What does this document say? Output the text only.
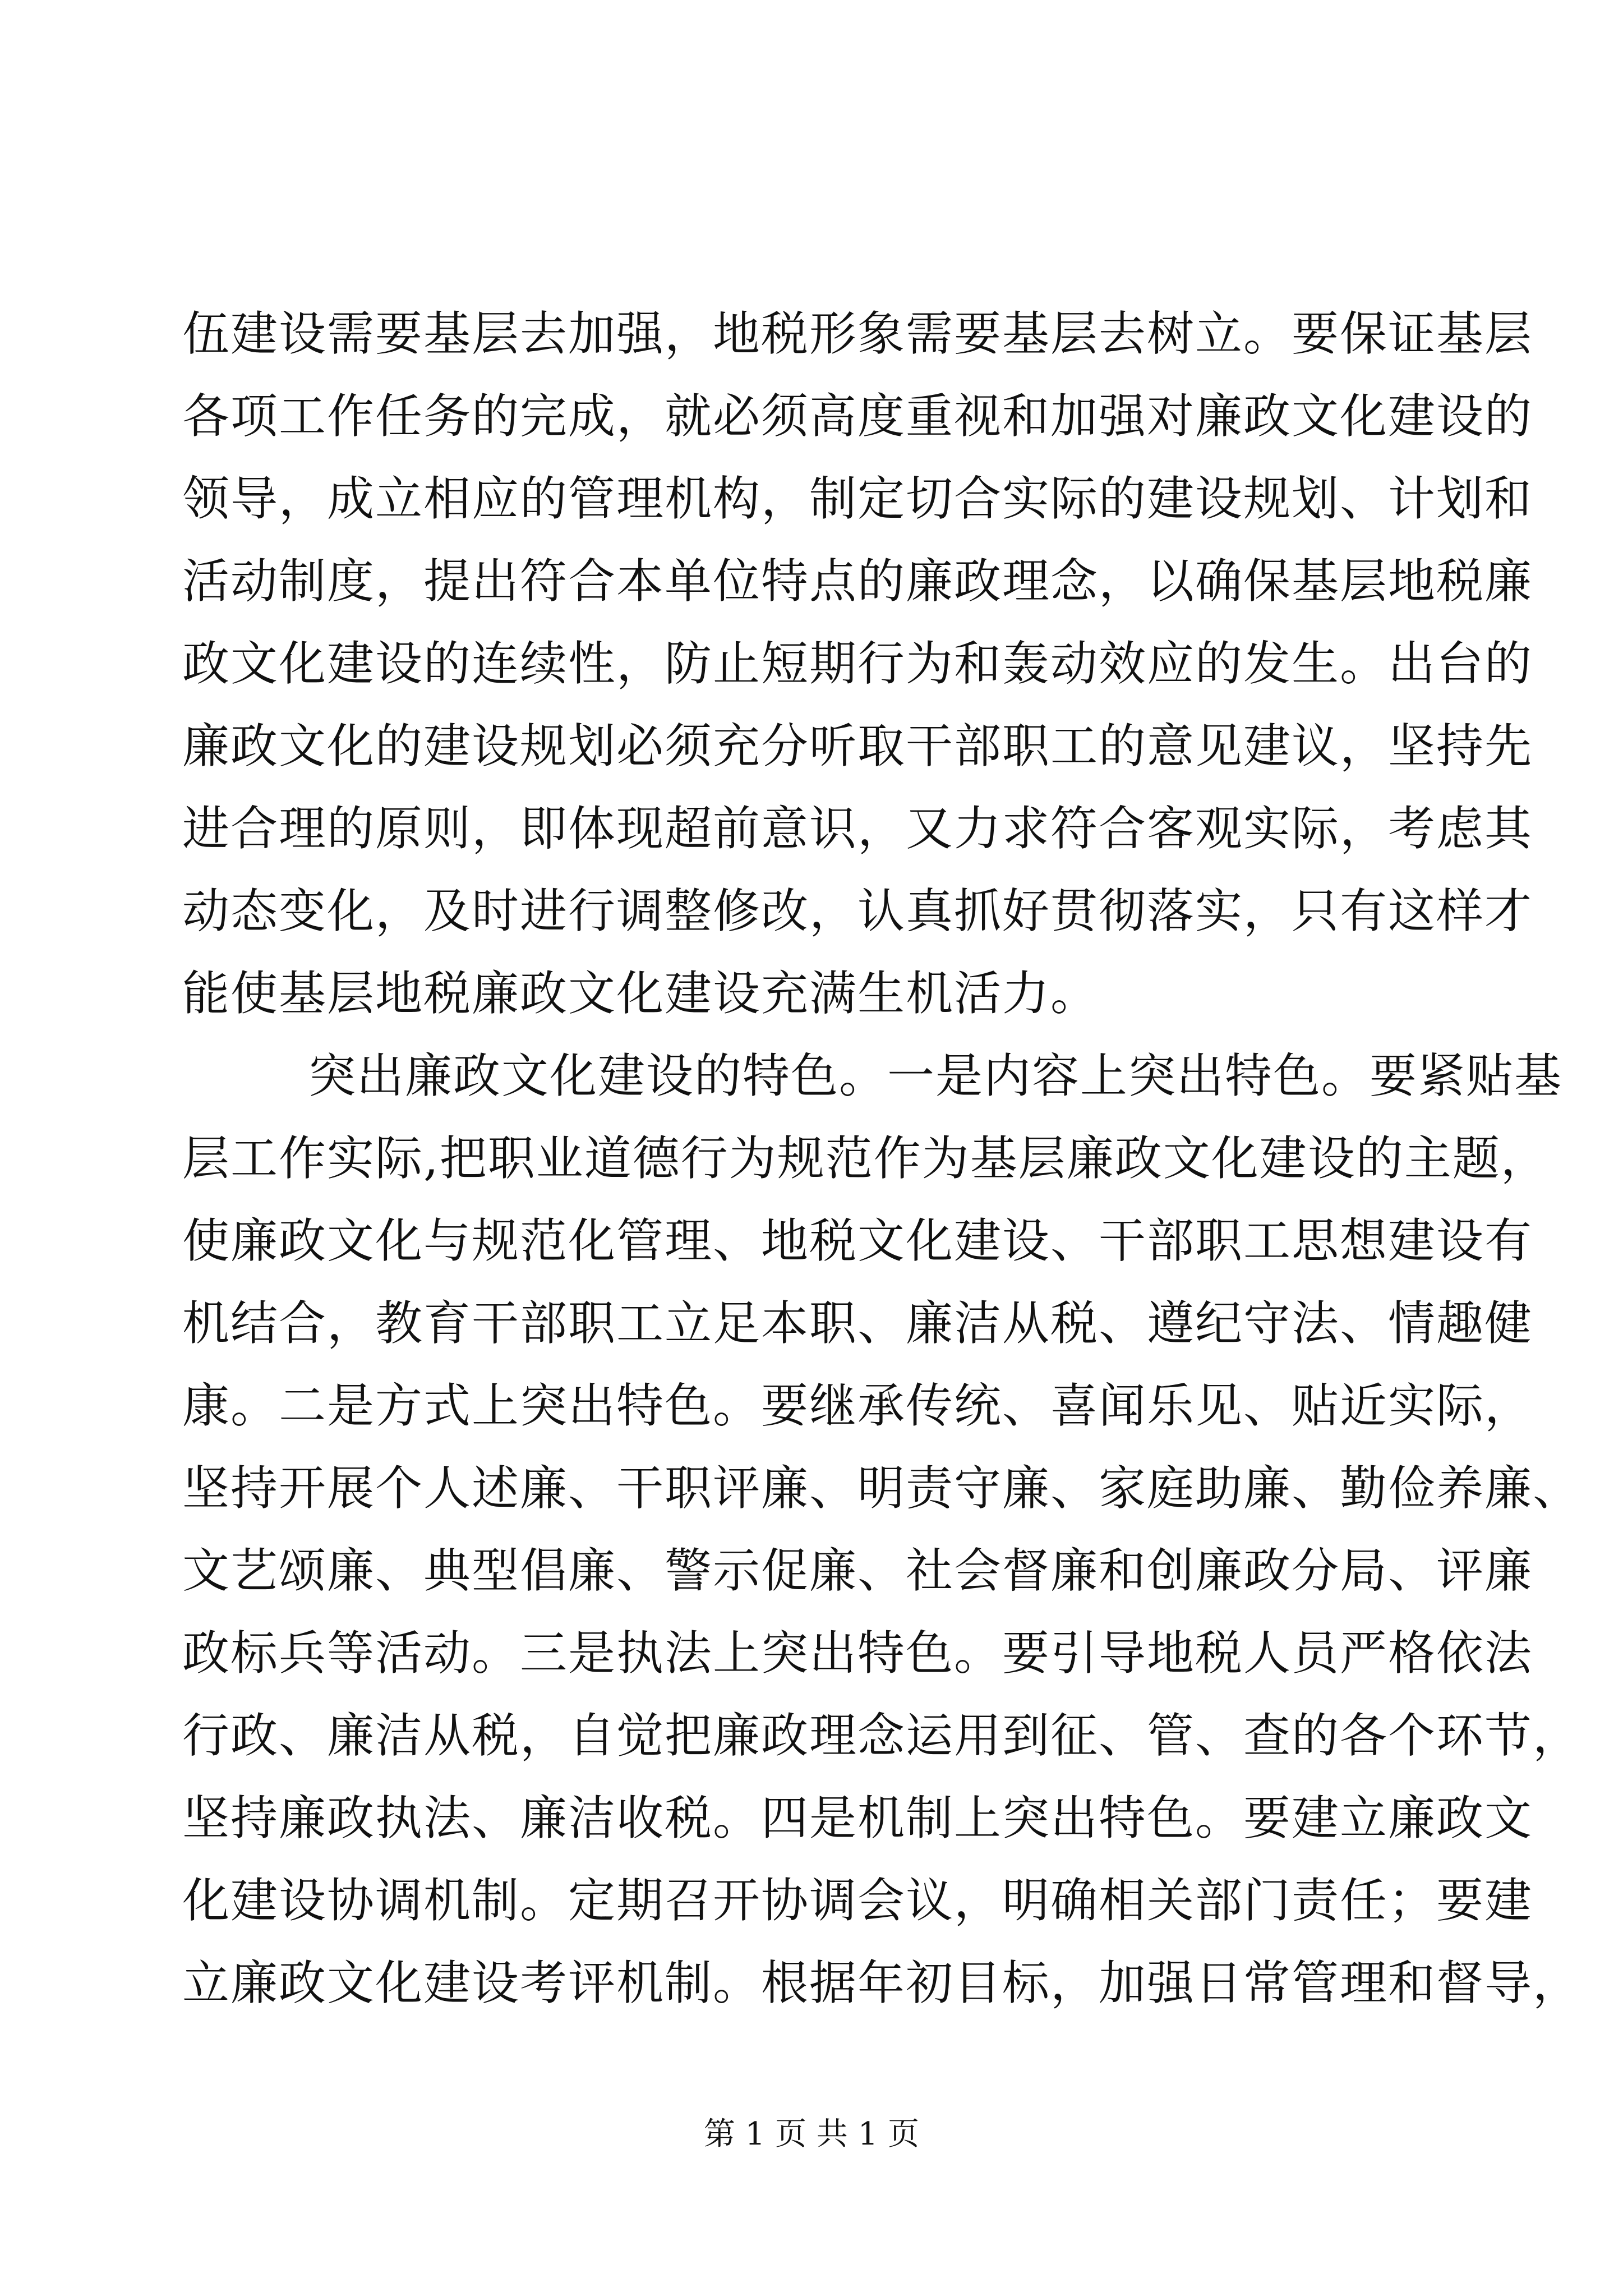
伍建设需要基层去加强，地税形象需要基层去树立。要保证基层
各项工作任务的完成，就必须高度重视和加强对廉政文化建设的
领导，成立相应的管理机构，制定切合实际的建设规划、计划和
活动制度，提出符合本单位特点的廉政理念，以确保基层地税廉
政文化建设的连续性，防止短期行为和轰动效应的发生。出台的
廉政文化的建设规划必须充分听取干部职工的意见建议，坚持先
进合理的原则，即体现超前意识，又力求符合客观实际，考虑其
动态变化，及时进行调整修改，认真抓好贯彻落实，只有这样才
能使基层地税廉政文化建设充满生机活力。
突出廉政文化建设的特色。一是内容上突出特色。要紧贴基
层工作实际,把职业道德行为规范作为基层廉政文化建设的主题，
使廉政文化与规范化管理、地税文化建设、干部职工思想建设有
机结合，教育干部职工立足本职、廉洁从税、遵纪守法、情趣健
康。二是方式上突出特色。要继承传统、喜闻乐见、贴近实际，
坚持开展个人述廉、干职评廉、明责守廉、家庭助廉、勤俭养廉、
文艺颂廉、典型倡廉、警示促廉、社会督廉和创廉政分局、评廉
政标兵等活动。三是执法上突出特色。要引导地税人员严格依法
行政、廉洁从税，自觉把廉政理念运用到征、管、查的各个环节，
坚持廉政执法、廉洁收税。四是机制上突出特色。要建立廉政文
化建设协调机制。定期召开协调会议，明确相关部门责任；要建
立廉政文化建设考评机制。根据年初目标，加强日常管理和督导，
第 1 页 共 1 页
